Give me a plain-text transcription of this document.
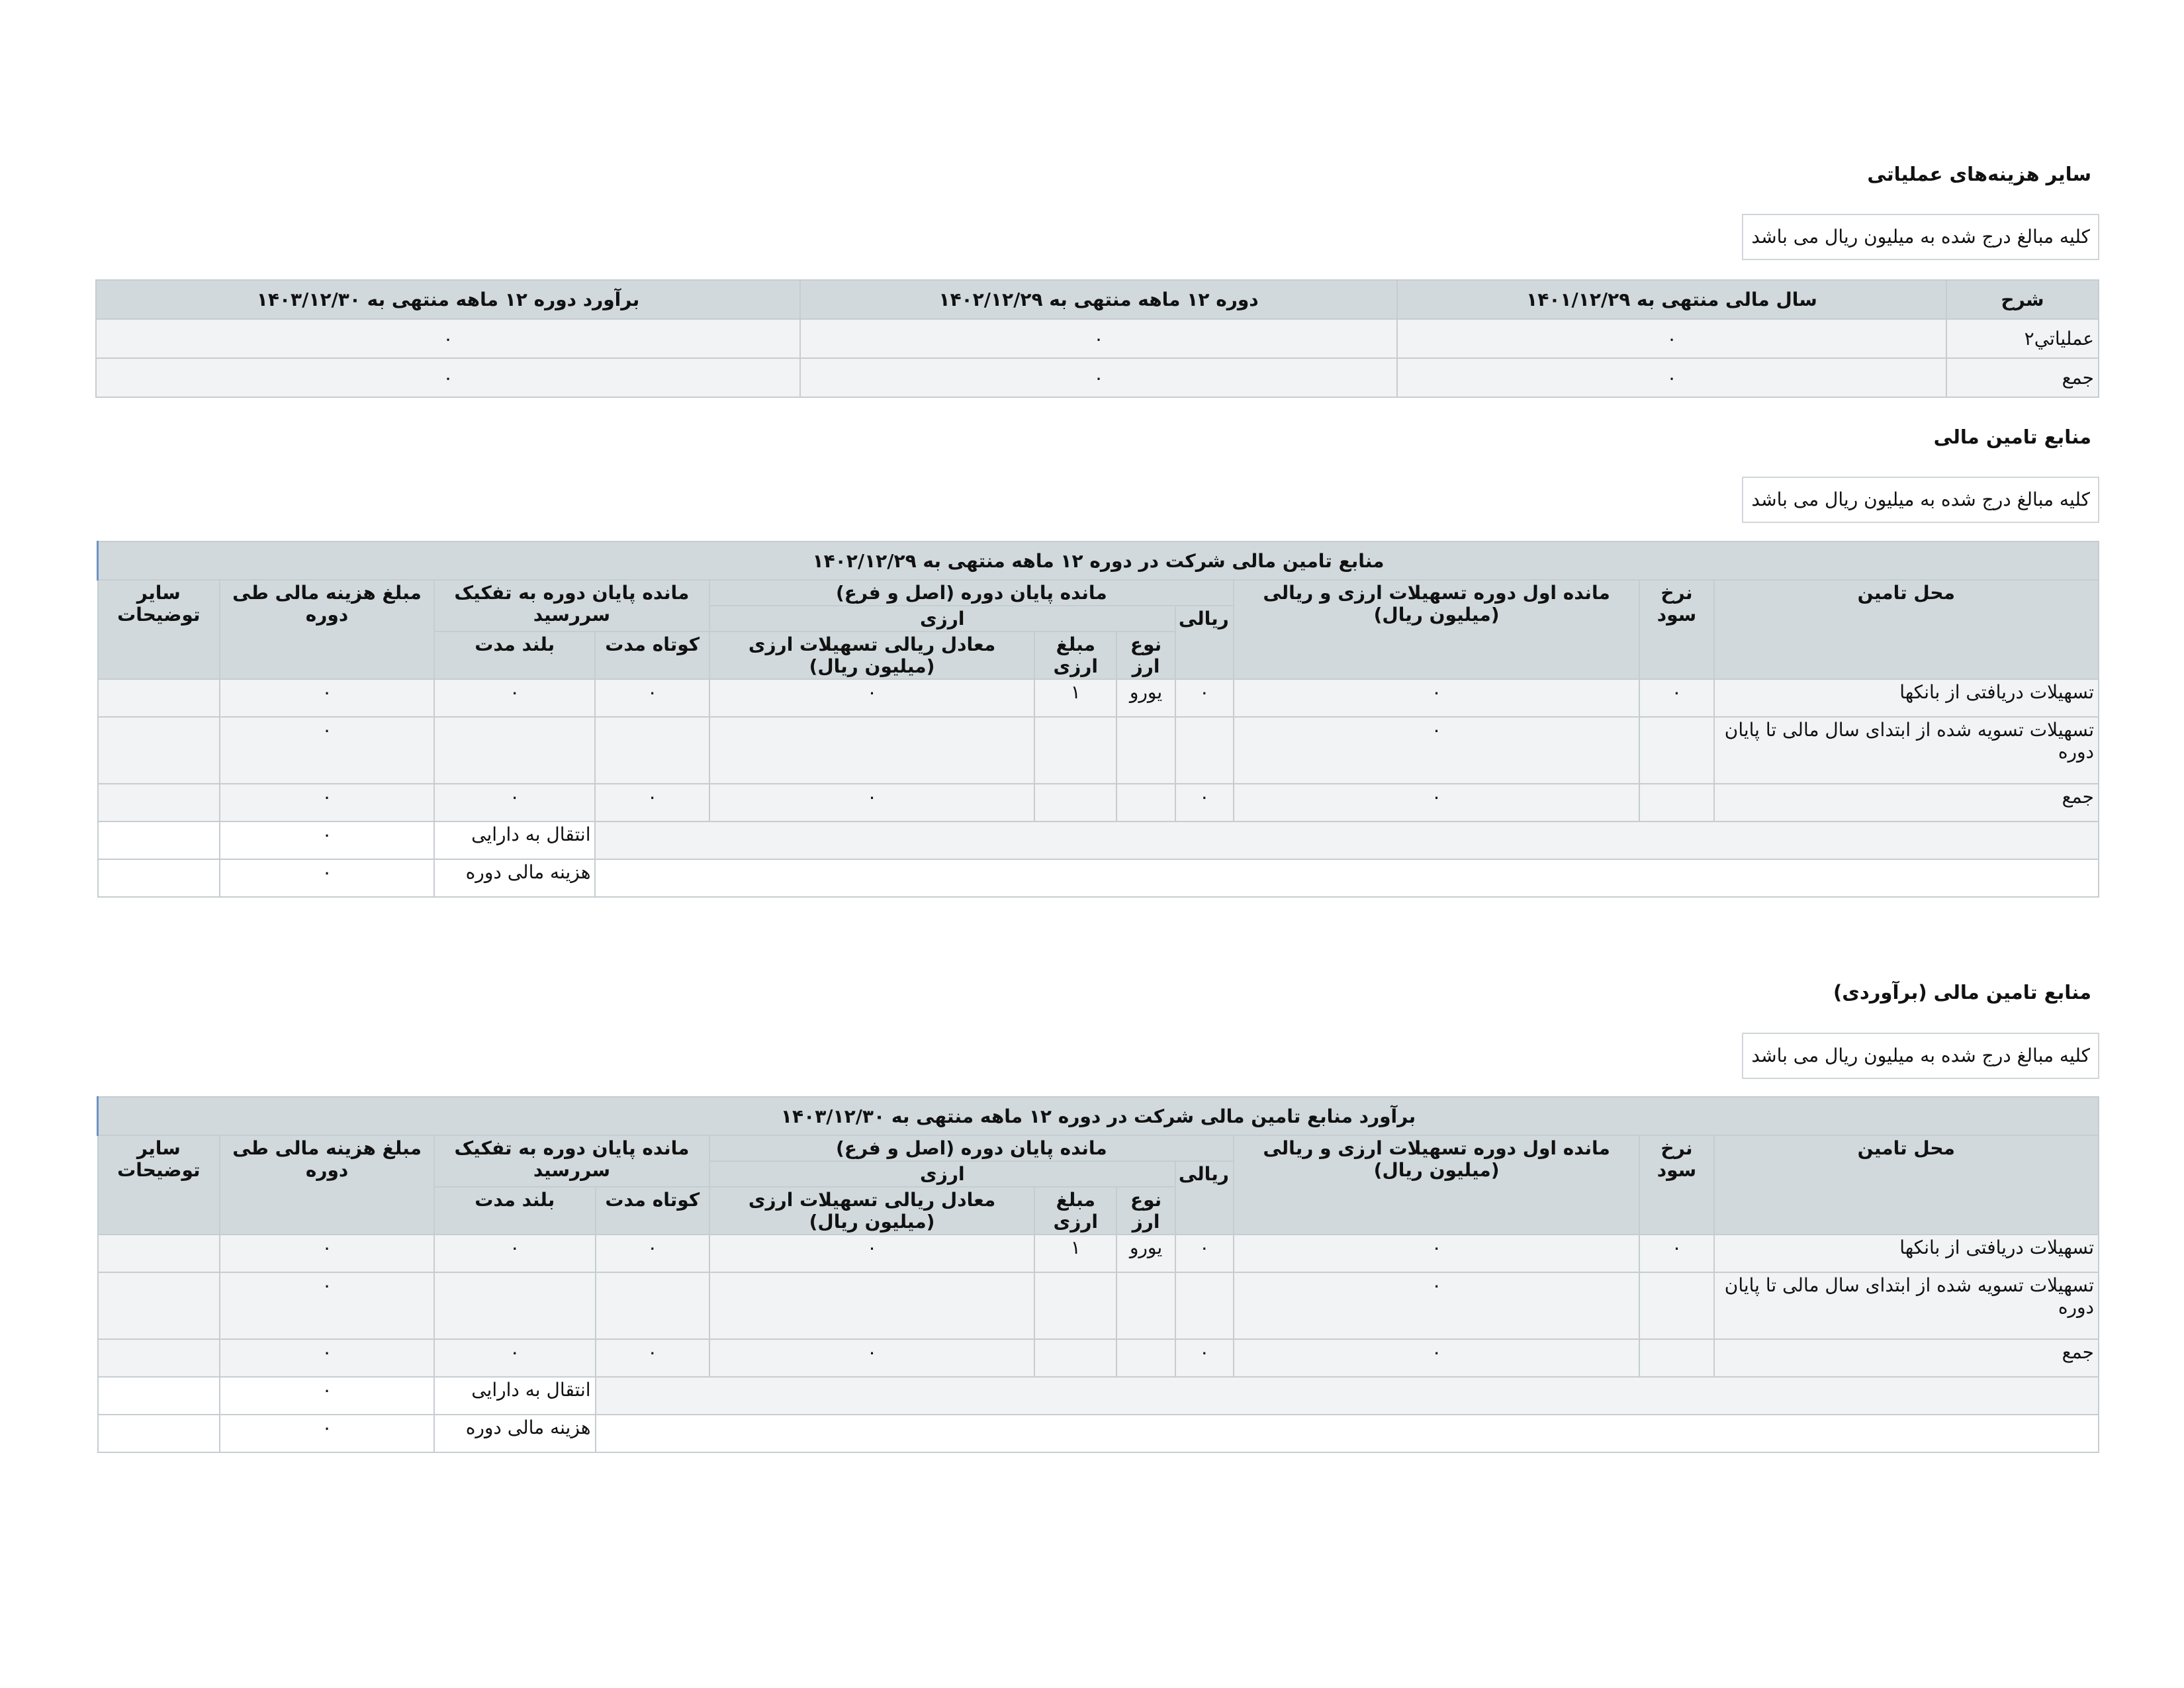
سایر هزینه‌های عملیاتی
کلیه مبالغ درج شده به میلیون ریال می باشد
شرح	سال مالی منتهی به ۱۴۰۱/۱۲/۲۹	دوره ۱۲ ماهه منتهی به ۱۴۰۲/۱۲/۲۹	برآورد دوره ۱۲ ماهه منتهی به ۱۴۰۳/۱۲/۳۰
عملیاتي۲	۰	۰	۰
جمع	۰	۰	۰
منابع تامین مالی
کلیه مبالغ درج شده به میلیون ریال می باشد
منابع تامین مالی شرکت در دوره ۱۲ ماهه منتهی به ۱۴۰۲/۱۲/۲۹										
محل تامین	نرخ سود	مانده اول دوره تسهیلات ارزی و ریالی (میلیون ریال)	مانده پایان دوره (اصل و فرع)				مانده پایان دوره به تفکیک سررسید		مبلغ هزینه مالی طی دوره	سایر توضیحات
			ریالی	ارزی						
				نوع ارز	مبلغ ارزی	معادل ریالی تسهیلات ارزی (میلیون ریال)	کوتاه مدت	بلند مدت		
تسهیلات دریافتی از بانکها	۰	۰	۰	یورو	۱	۰	۰	۰	۰	
تسهیلات تسویه شده از ابتدای سال مالی تا پایان دوره		۰							۰	
جمع		۰	۰			۰	۰	۰	۰	
								انتقال به دارایی	۰	
								هزینه مالی دوره	۰	
منابع تامین مالی (برآوردی)
کلیه مبالغ درج شده به میلیون ریال می باشد
برآورد منابع تامین مالی شرکت در دوره ۱۲ ماهه منتهی به ۱۴۰۳/۱۲/۳۰										
محل تامین	نرخ سود	مانده اول دوره تسهیلات ارزی و ریالی (میلیون ریال)	مانده پایان دوره (اصل و فرع)				مانده پایان دوره به تفکیک سررسید		مبلغ هزینه مالی طی دوره	سایر توضیحات
			ریالی	ارزی						
				نوع ارز	مبلغ ارزی	معادل ریالی تسهیلات ارزی (میلیون ریال)	کوتاه مدت	بلند مدت		
تسهیلات دریافتی از بانکها	۰	۰	۰	یورو	۱	۰	۰	۰	۰	
تسهیلات تسویه شده از ابتدای سال مالی تا پایان دوره		۰							۰	
جمع		۰	۰			۰	۰	۰	۰	
								انتقال به دارایی	۰	
								هزینه مالی دوره	۰	
